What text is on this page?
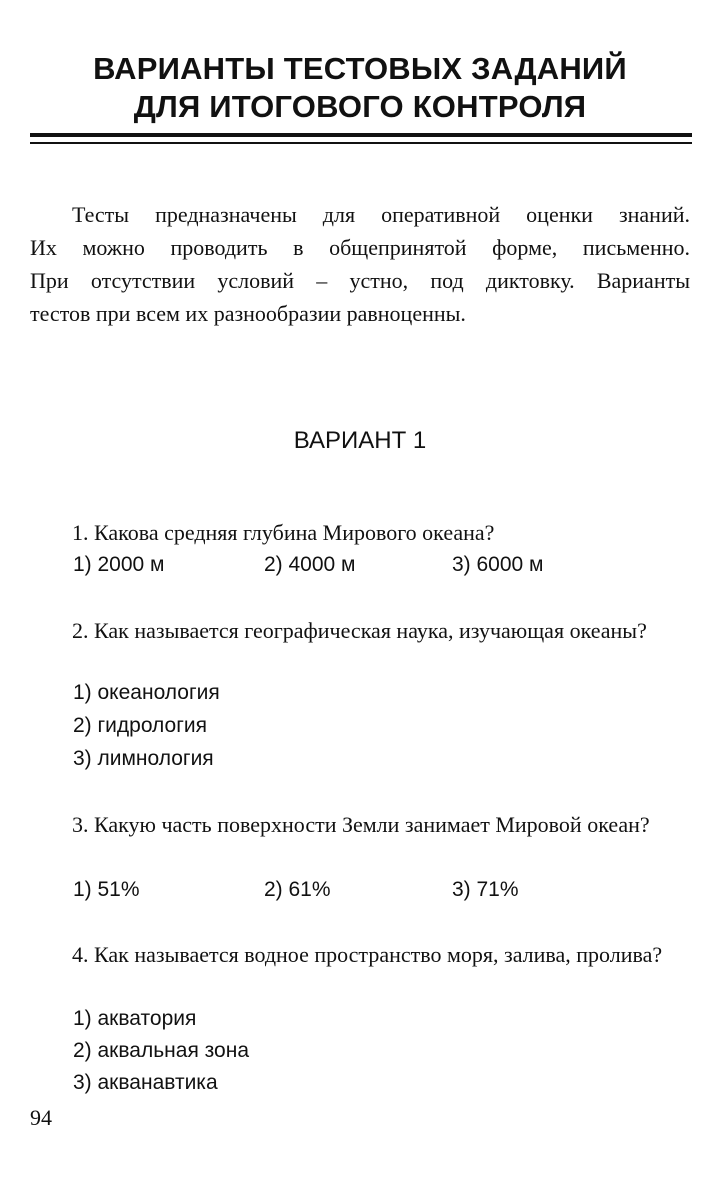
ВАРИАНТЫ ТЕСТОВЫХ ЗАДАНИЙ
ДЛЯ ИТОГОВОГО КОНТРОЛЯ
Тесты предназначены для оперативной оценки знаний.
Их можно проводить в общепринятой форме, письменно.
При отсутствии условий – устно, под диктовку. Варианты
тестов при всем их разнообразии равноценны.
ВАРИАНТ 1
1. Какова средняя глубина Мирового океана?
1) 2000 м	2) 4000 м	3) 6000 м
2. Как называется географическая наука, изучающая океаны?
1) океанология
2) гидрология
3) лимнология
3. Какую часть поверхности Земли занимает Мировой океан?
1) 51%	2) 61%	3) 71%
4. Как называется водное пространство моря, залива, пролива?
1) акватория
2) аквальная зона
3) акванавтика
94
